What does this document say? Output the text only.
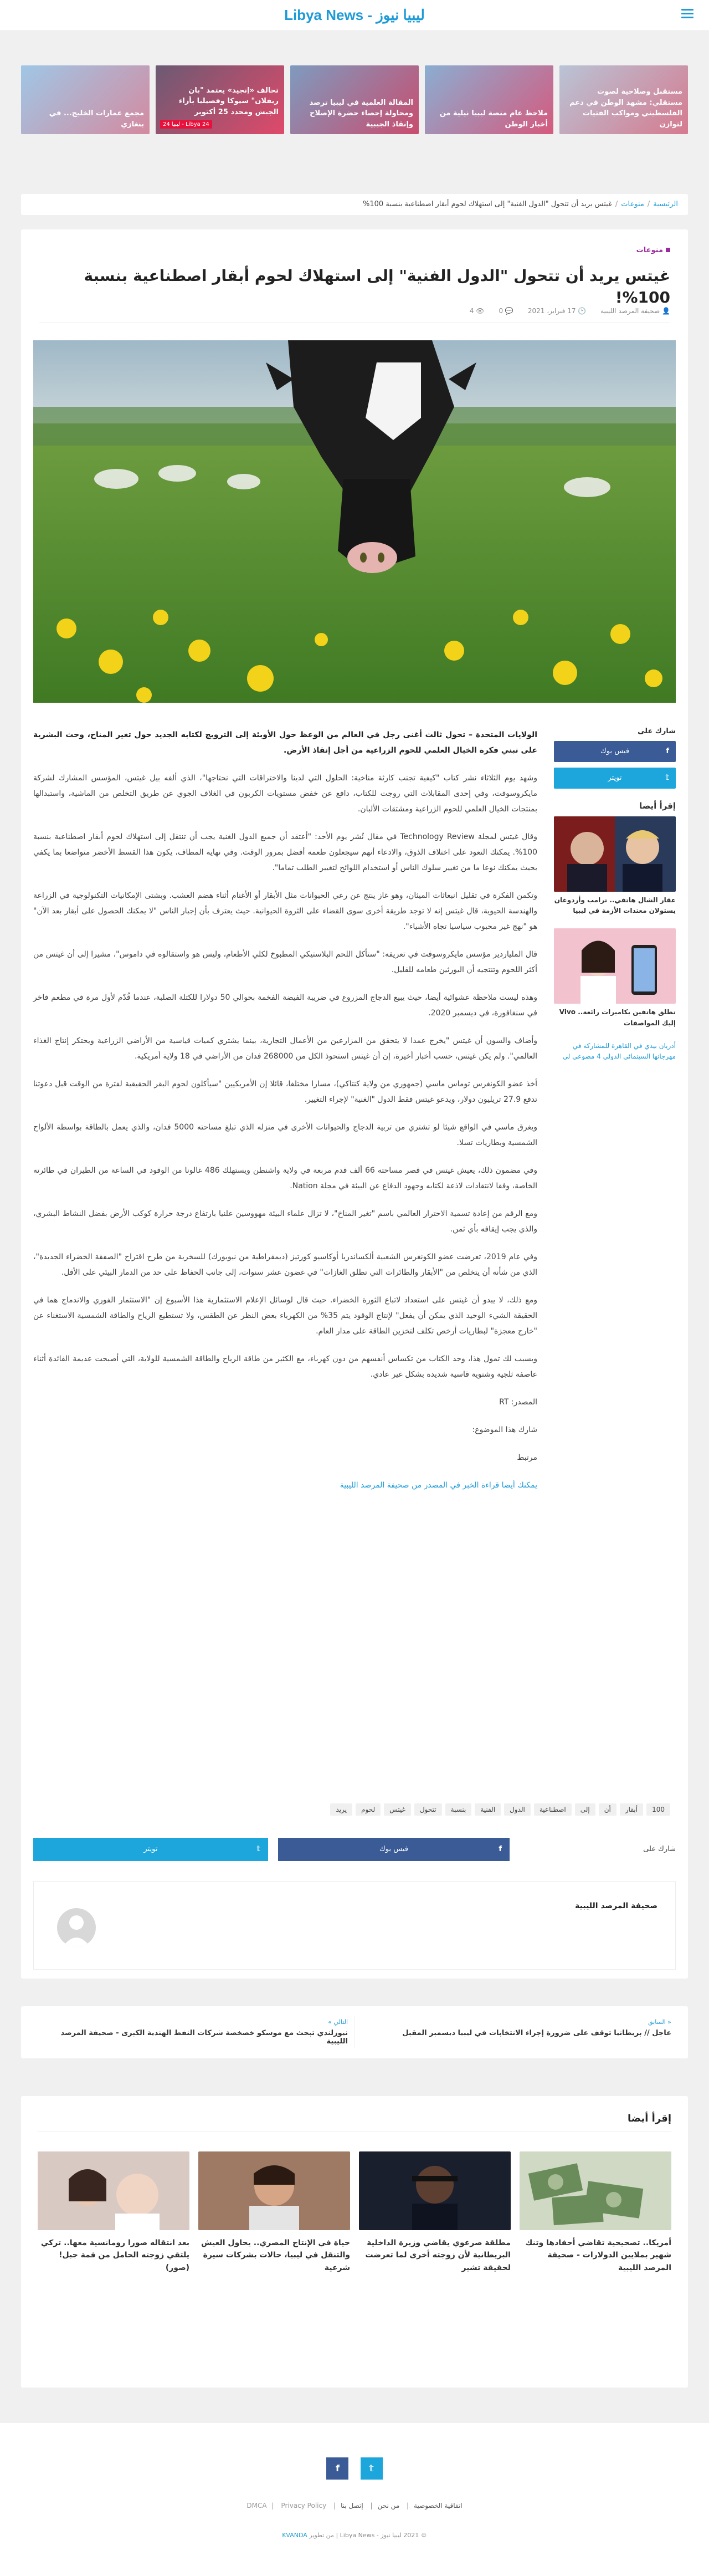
ليبيا نيوز - Libya News
مجمع عمارات الخليج... في بنغازي
تحالف «إنجيد» يعتمد "بان ريفلان" سيوكا وفصيليا بأزاء الجيش ومحدد 25 أكتوبر
Libya 24 - ليبيا 24
المقالة العلمية في ليبيا ترصد ومحاولة إحصاء حضرة الإصلاح وإنقاذ الجيبية
ملاحظ عام منصة ليبيا نيلية من أخبار الوطن
مستقبل وصلاحية لصوت مستقلي: مشهد الوطن في دعم الفلسطيني ومواكب الفتيات لتوازن
الرئيسية/منوعات/غيتس يريد أن تتحول "الدول الفنية" إلى استهلاك لحوم أبقار اصطناعية بنسبة 100%
منوعات
غيتس يريد أن تتحول "الدول الفنية" إلى استهلاك لحوم أبقار اصطناعية بنسبة 100%!
👤 صحيفة المرصد الليبية
🕑 17 فبراير، 2021
💬 0
👁 4

الولايات المتحدة – تحول ثالث أغنى رجل في العالم من الوعظ حول الأوبئة إلى الترويج لكتابه الجديد حول تغير المناخ، وحث البشرية على تبني فكرة الخيال العلمي للحوم الزراعية من أجل إنقاذ الأرض.

وشهد يوم الثلاثاء نشر كتاب "كيفية تجنب كارثة مناخية: الحلول التي لدينا والاختراقات التي نحتاجها"، الذي ألفه بيل غيتس، المؤسس المشارك لشركة مايكروسوفت، وفي إحدى المقابلات التي روجت للكتاب، دافع عن خفض مستويات الكربون في الغلاف الجوي عن طريق التخلص من الماشية، واستبدالها بمنتجات الخيال العلمي للحوم الزراعية ومشتقات الألبان.

وقال غيتس لمجلة Technology Review في مقال نُشر يوم الأحد: "أعتقد أن جميع الدول الغنية يجب أن تنتقل إلى استهلاك لحوم أبقار اصطناعية بنسبة 100%. يمكنك التعود على اختلاف الذوق، والادعاء أنهم سيجعلون طعمه أفضل بمرور الوقت. وفي نهاية المطاف، يكون هذا القسط الأخضر متواضعا بما يكفي بحيث يمكنك نوعا ما من تغيير سلوك الناس أو استخدام اللوائح لتغيير الطلب تماما".

وتكمن الفكرة في تقليل انبعاثات الميثان، وهو غاز ينتج عن رعي الحيوانات مثل الأبقار أو الأغنام أثناء هضم العشب. وبشتى الإمكانيات التكنولوجية في الزراعة والهندسة الحيوية، قال غيتس إنه لا توجد طريقة أخرى سوى القضاء على الثروة الحيوانية. حيث يعترف بأن إجبار الناس "لا يمكنك الحصول على أبقار بعد الآن" هو "نهج غير محبوب سياسيا تجاه الأشياء".

قال الملياردير مؤسس مايكروسوفت في تعريفه: "ستأكل اللحم البلاستيكي المطبوخ لكلي الأطعام، وليس هو واستقالوه في داموس"، مشيرا إلى أن غيتس من أكثر اللحوم وتنتجيه أن اليورثين طعامه للقليل.

وهذه ليست ملاحظة عشوائية أيضا، حيث يبيع الدجاج المزروع في ضريبة الفيضة الفخمة بحوالي 50 دولارا للكتلة الصلبة، عندما قُدّم لأول مرة في مطعم فاخر في سنغافورة، في ديسمبر 2020.

وأضاف والسون أن غيتس "يخرج عمدا لا يتحقق من المزارعين من الأعمال التجارية، بينما يشتري كميات قياسية من الأراضي الزراعية ويحتكر إنتاج الغذاء العالمي". ولم يكن غيتس، حسب أخبار أخيرة، إن أن غيتس استحوذ الكل من 268000 فدان من الأراضي في 18 ولاية أمريكية.

أخذ عضو الكونغرس توماس ماسي (جمهوري من ولاية كنتاكي)، مسارا مختلفا، قائلا إن الأمريكيين "سيأكلون لحوم البقر الحقيقية لفترة من الوقت قبل دعوتنا تدفع 27.9 تريليون دولار، ويدعو غيتس فقط الدول "الغنية" لإجراء التغيير.

ويغرق ماسي في الواقع شيئا لو تشتري من تربية الدجاج والحيوانات الأخرى في منزله الذي تبلغ مساحته 5000 فدان، والذي يعمل بالطاقة بواسطة الألواح الشمسية وبطاريات تسلا.

وفي مضمون ذلك، يعيش غيتس في قصر مساحته 66 ألف قدم مربعة في ولاية واشنطن ويستهلك 486 غالونا من الوقود في الساعة من الطيران في طائرته الخاصة، وفقا لانتقادات لاذعة لكتابه وجهود الدفاع عن البيئة في مجلة Nation.

ومع الرقم من إعادة تسمية الاحترار العالمي باسم "تغير المناخ"، لا تزال علماء البيئة مهووسين علنيا بارتفاع درجة حرارة كوكب الأرض بفضل النشاط البشري، والذي يجب إيقافه بأي ثمن.

وفي عام 2019، تعرضت عضو الكونغرس الشعبية ألكساندريا أوكاسيو كورتيز (ديمقراطية من نيويورك) للسخرية من طرح اقتراح "الصفقة الخضراء الجديدة"، الذي من شأنه أن يتخلص من "الأبقار والطائرات التي تطلق الغازات" في غضون عشر سنوات، إلى جانب الحفاظ على حد من الدمار البيئي على الأقل.

ومع ذلك، لا يبدو أن غيتس على استعداد لاتباع الثورة الخضراء. حيث قال لوسائل الإعلام الاستثمارية هذا الأسبوع إن "الاستثمار الفوري والاندماج هما في الحقيقة الشيء الوحيد الذي يمكن أن يفعل" لإنتاج الوقود يتم 35% من الكهرباء بعض النظر عن الطقس، ولا تستطيع الرياح والطاقة الشمسية الاستغناء عن "خارج معجزة" لبطاريات أرخص تكلف لتخزين الطاقة على مدار العام.

وبسبب لك تمول هذا، وجد الكتاب من تكساس أنفسهم من دون كهرباء، مع الكثير من طاقة الرياح والطاقة الشمسية للولاية، التي أصبحت عديمة الفائدة أثناء عاصفة ثلجية وشتوية قاسية شديدة بشكل غير عادي.

المصدر: RT

شارك هذا الموضوع:

مرتبط

يمكنك أيضا قراءة الخبر في المصدر من صحيفة المرصد الليبية

شارك على
f
فيس بوك
𝕥
تويتر
إقرأ أيضا
عقار الشال هاتفي.. ترامب وأردوغان يستولان معتدات الأزمة في ليبيا
تطلق هاتفين بكاميرات رائعة.. Vivo إليك المواصفات
أدريان بيدي في القاهرة للمشاركة في مهرجانها السينمائي الدولي 4 مصوعي لي
100
أبقار
أن
إلى
اصطناعية
الدول
الفنية
بنسبة
تتحول
غيتس
لحوم
يريد
شارك على
f
فيس بوك
𝕥
تويتر
صحيفة المرصد الليبية
« السابق
عاجل // بريطانيا توقف على ضرورة إجراء الانتخابات في ليبيا ديسمبر المقبل
التالي »
نيوزلندي تبحث مع موسكو خصخصة شركات النفط الهندية الكبرى - صحيفة المرصد الليبية
إقرأ أيضا
أمريكا.. تصحيحية تقاضي أحفادها وتنك شهير بملايين الدولارات - صحيفة المرصد الليبية
مطلقة صرعوي يقاضي وزيرة الداخلية البريطانية لأن زوجته أخرى لما تعرضت لحقيقة تشير
حياة في الإنتاج المصري.. يحاول العيش والتنقل في ليبيا، حالات بشركات سيرة شرعية
بعد انتقاله صورا رومانسية معها.. تركي يلتقي زوجته الحامل من فمة جبل! (صور)
𝕥 f
اتفاقية الخصوصية| من نحن| إتصل بنا| DMCA | Privacy Policy
© 2021 ليبيا نيوز - Libya News | من تطوير KVANDA
